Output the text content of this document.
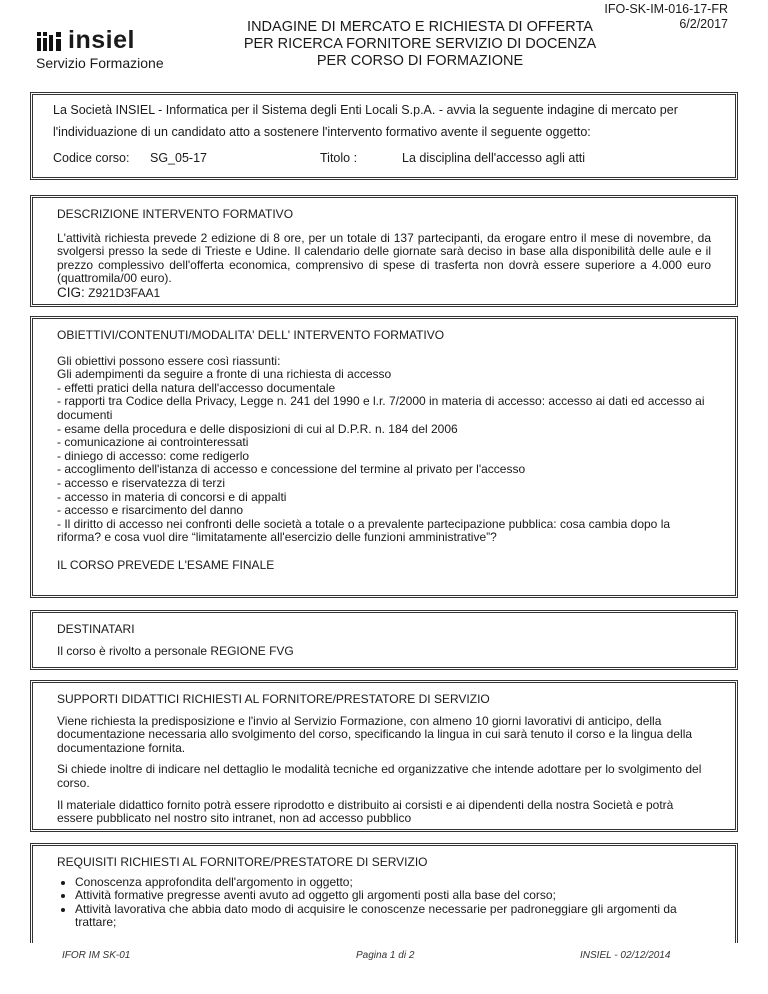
insiel
Servizio Formazione
INDAGINE DI MERCATO E RICHIESTA DI OFFERTA
PER RICERCA FORNITORE SERVIZIO DI DOCENZA
PER CORSO DI FORMAZIONE
IFO-SK-IM-016-17-FR
6/2/2017

La Società INSIEL - Informatica per il Sistema degli Enti Locali S.p.A. - avvia la seguente indagine di mercato per l'individuazione di un candidato atto a sostenere l'intervento formativo avente il seguente oggetto:

Codice corso:	SG_05-17	Titolo :	La disciplina dell'accesso agli atti
DESCRIZIONE INTERVENTO FORMATIVO

L'attività richiesta prevede 2 edizione di 8 ore, per un totale di 137 partecipanti, da erogare entro il mese di novembre, da svolgersi presso la sede di Trieste e Udine. Il calendario delle giornate sarà deciso in base alla disponibilità delle aule e il prezzo complessivo dell'offerta economica, comprensivo di spese di trasferta non dovrà essere superiore a 4.000 euro (quattromila/00 euro).

CIG: Z921D3FAA1
OBIETTIVI/CONTENUTI/MODALITA' DELL' INTERVENTO FORMATIVO
Gli obiettivi possono essere così riassunti:
Gli adempimenti da seguire a fronte di una richiesta di accesso
- effetti pratici della natura dell'accesso documentale
- rapporti tra Codice della Privacy, Legge n. 241 del 1990 e l.r. 7/2000 in materia di accesso: accesso ai dati ed accesso ai documenti
- esame della procedura e delle disposizioni di cui al D.P.R. n. 184 del 2006
- comunicazione ai controinteressati
- diniego di accesso: come redigerlo
- accoglimento dell'istanza di accesso e concessione del termine al privato per l'accesso
- accesso e riservatezza di terzi
- accesso in materia di concorsi e di appalti
- accesso e risarcimento del danno
- Il diritto di accesso nei confronti delle società a totale o a prevalente partecipazione pubblica: cosa cambia dopo la riforma? e cosa vuol dire “limitatamente all'esercizio delle funzioni amministrative”?
IL CORSO PREVEDE L'ESAME FINALE
DESTINATARI
Il corso è rivolto a personale REGIONE FVG
SUPPORTI DIDATTICI RICHIESTI AL FORNITORE/PRESTATORE DI SERVIZIO

Viene richiesta la predisposizione e l'invio al Servizio Formazione, con almeno 10 giorni lavorativi di anticipo, della documentazione necessaria allo svolgimento del corso, specificando la lingua in cui sarà tenuto il corso e la lingua della documentazione fornita.

Si chiede inoltre di indicare nel dettaglio le modalità tecniche ed organizzative che intende adottare per lo svolgimento del corso.

Il materiale didattico fornito potrà essere riprodotto e distribuito ai corsisti e ai dipendenti della nostra Società e potrà essere pubblicato nel nostro sito intranet, non ad accesso pubblico

REQUISITI RICHIESTI AL FORNITORE/PRESTATORE DI SERVIZIO
• Conoscenza approfondita dell'argomento in oggetto;
• Attività formative pregresse aventi avuto ad oggetto gli argomenti posti alla base del corso;
• Attività lavorativa che abbia dato modo di acquisire le conoscenze necessarie per padroneggiare gli argomenti da trattare;
IFOR IM SK-01	Pagina 1 di 2	INSIEL - 02/12/2014
